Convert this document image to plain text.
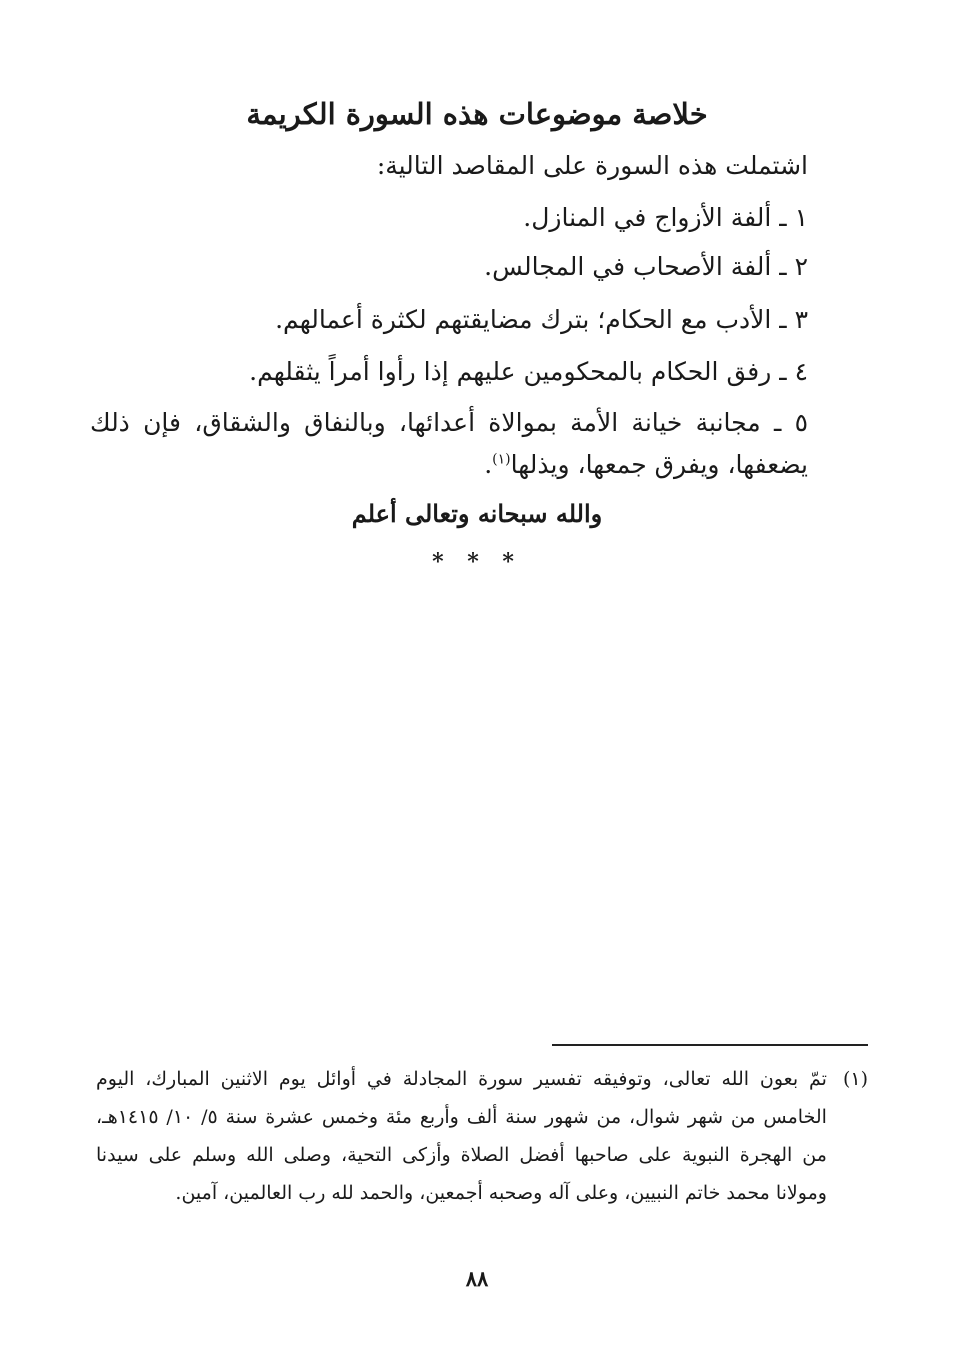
خلاصة موضوعات هذه السورة الكريمة

اشتملت هذه السورة على المقاصد التالية:

١ ـ ألفة الأزواج في المنازل.

٢ ـ ألفة الأصحاب في المجالس.

٣ ـ الأدب مع الحكام؛ بترك مضايقتهم لكثرة أعمالهم.

٤ ـ رفق الحكام بالمحكومين عليهم إذا رأوا أمراً يثقلهم.

٥ ـ مجانبة خيانة الأمة بموالاة أعدائها، وبالنفاق والشقاق، فإن ذلك يضعفها، ويفرق جمعها، ويذلها$^{(١)}$.

والله سبحانه وتعالى أعلم

* * *

(١)
تمّ بعون الله تعالى، وتوفيقه تفسير سورة المجادلة في أوائل يوم الاثنين المبارك، اليوم الخامس من شهر شوال، من شهور سنة ألف وأربع مئة وخمس عشرة سنة ٥/ ١٠/ ١٤١٥هـ، من الهجرة النبوية على صاحبها أفضل الصلاة وأزكى التحية، وصلى الله وسلم على سيدنا ومولانا محمد خاتم النبيين، وعلى آله وصحبه أجمعين، والحمد لله رب العالمين، آمين.

٨٨
